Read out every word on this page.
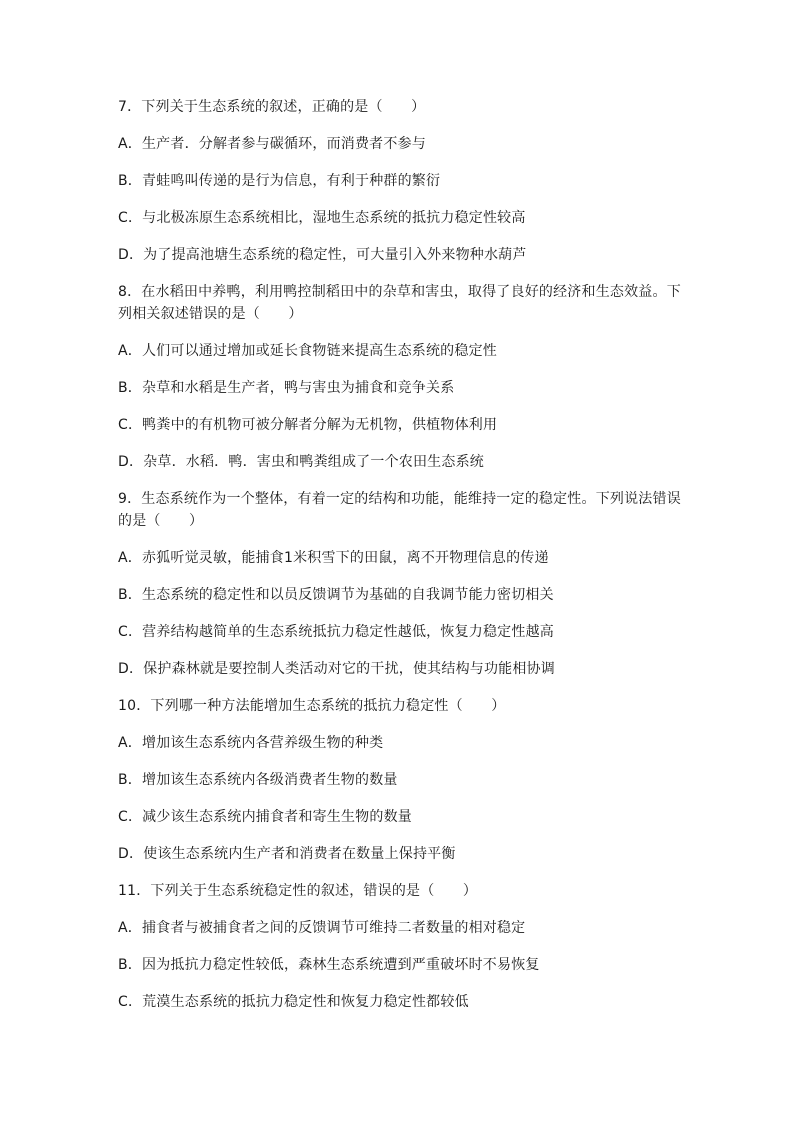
7．下列关于生态系统的叙述，正确的是（　　）

A．生产者．分解者参与碳循环，而消费者不参与

B．青蛙鸣叫传递的是行为信息，有利于种群的繁衍

C．与北极冻原生态系统相比，湿地生态系统的抵抗力稳定性较高

D．为了提高池塘生态系统的稳定性，可大量引入外来物种水葫芦

8．在水稻田中养鸭，利用鸭控制稻田中的杂草和害虫，取得了良好的经济和生态效益。下列相关叙述错误的是（　　）

A．人们可以通过增加或延长食物链来提高生态系统的稳定性

B．杂草和水稻是生产者，鸭与害虫为捕食和竞争关系

C．鸭粪中的有机物可被分解者分解为无机物，供植物体利用

D．杂草．水稻．鸭．害虫和鸭粪组成了一个农田生态系统

9．生态系统作为一个整体，有着一定的结构和功能，能维持一定的稳定性。下列说法错误的是（　　）

A．赤狐听觉灵敏，能捕食1米积雪下的田鼠，离不开物理信息的传递

B．生态系统的稳定性和以员反馈调节为基础的自我调节能力密切相关

C．营养结构越简单的生态系统抵抗力稳定性越低，恢复力稳定性越高

D．保护森林就是要控制人类活动对它的干扰，使其结构与功能相协调

10．下列哪一种方法能增加生态系统的抵抗力稳定性（　　）

A．增加该生态系统内各营养级生物的种类

B．增加该生态系统内各级消费者生物的数量

C．减少该生态系统内捕食者和寄生生物的数量

D．使该生态系统内生产者和消费者在数量上保持平衡

11．下列关于生态系统稳定性的叙述，错误的是（　　）

A．捕食者与被捕食者之间的反馈调节可维持二者数量的相对稳定

B．因为抵抗力稳定性较低，森林生态系统遭到严重破坏时不易恢复

C．荒漠生态系统的抵抗力稳定性和恢复力稳定性都较低
